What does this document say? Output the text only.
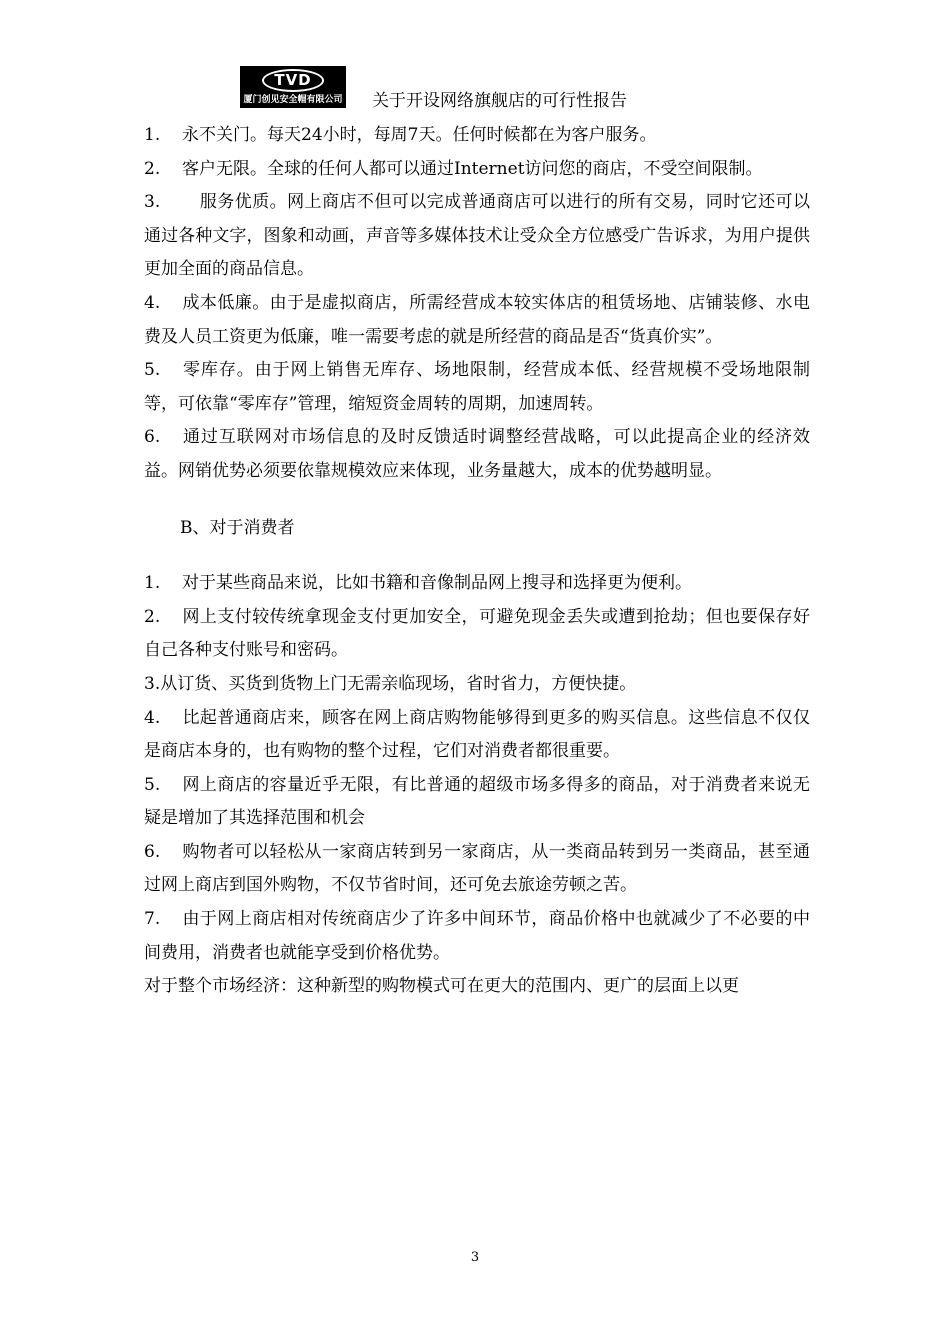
TVD
厦门创见安全帽有限公司 关于开设网络旗舰店的可行性报告

1. 永不关门。每天24小时，每周7天。任何时候都在为客户服务。

2. 客户无限。全球的任何人都可以通过Internet访问您的商店，不受空间限制。

3.　服务优质。网上商店不但可以完成普通商店可以进行的所有交易，同时它还可以通过各种文字，图象和动画，声音等多媒体技术让受众全方位感受广告诉求，为用户提供更加全面的商品信息。

4. 成本低廉。由于是虚拟商店，所需经营成本较实体店的租赁场地、店铺装修、水电费及人员工资更为低廉，唯一需要考虑的就是所经营的商品是否“货真价实”。

5. 零库存。由于网上销售无库存、场地限制，经营成本低、经营规模不受场地限制等，可依靠“零库存”管理，缩短资金周转的周期，加速周转。

6. 通过互联网对市场信息的及时反馈适时调整经营战略，可以此提高企业的经济效益。网销优势必须要依靠规模效应来体现，业务量越大，成本的优势越明显。

B、对于消费者

1. 对于某些商品来说，比如书籍和音像制品网上搜寻和选择更为便利。

2. 网上支付较传统拿现金支付更加安全，可避免现金丢失或遭到抢劫；但也要保存好自己各种支付账号和密码。

3.从订货、买货到货物上门无需亲临现场，省时省力，方便快捷。

4. 比起普通商店来，顾客在网上商店购物能够得到更多的购买信息。这些信息不仅仅是商店本身的，也有购物的整个过程，它们对消费者都很重要。

5. 网上商店的容量近乎无限，有比普通的超级市场多得多的商品，对于消费者来说无疑是增加了其选择范围和机会

6. 购物者可以轻松从一家商店转到另一家商店，从一类商品转到另一类商品，甚至通过网上商店到国外购物，不仅节省时间，还可免去旅途劳顿之苦。

7. 由于网上商店相对传统商店少了许多中间环节，商品价格中也就减少了不必要的中间费用，消费者也就能享受到价格优势。

对于整个市场经济：这种新型的购物模式可在更大的范围内、更广的层面上以更

3
